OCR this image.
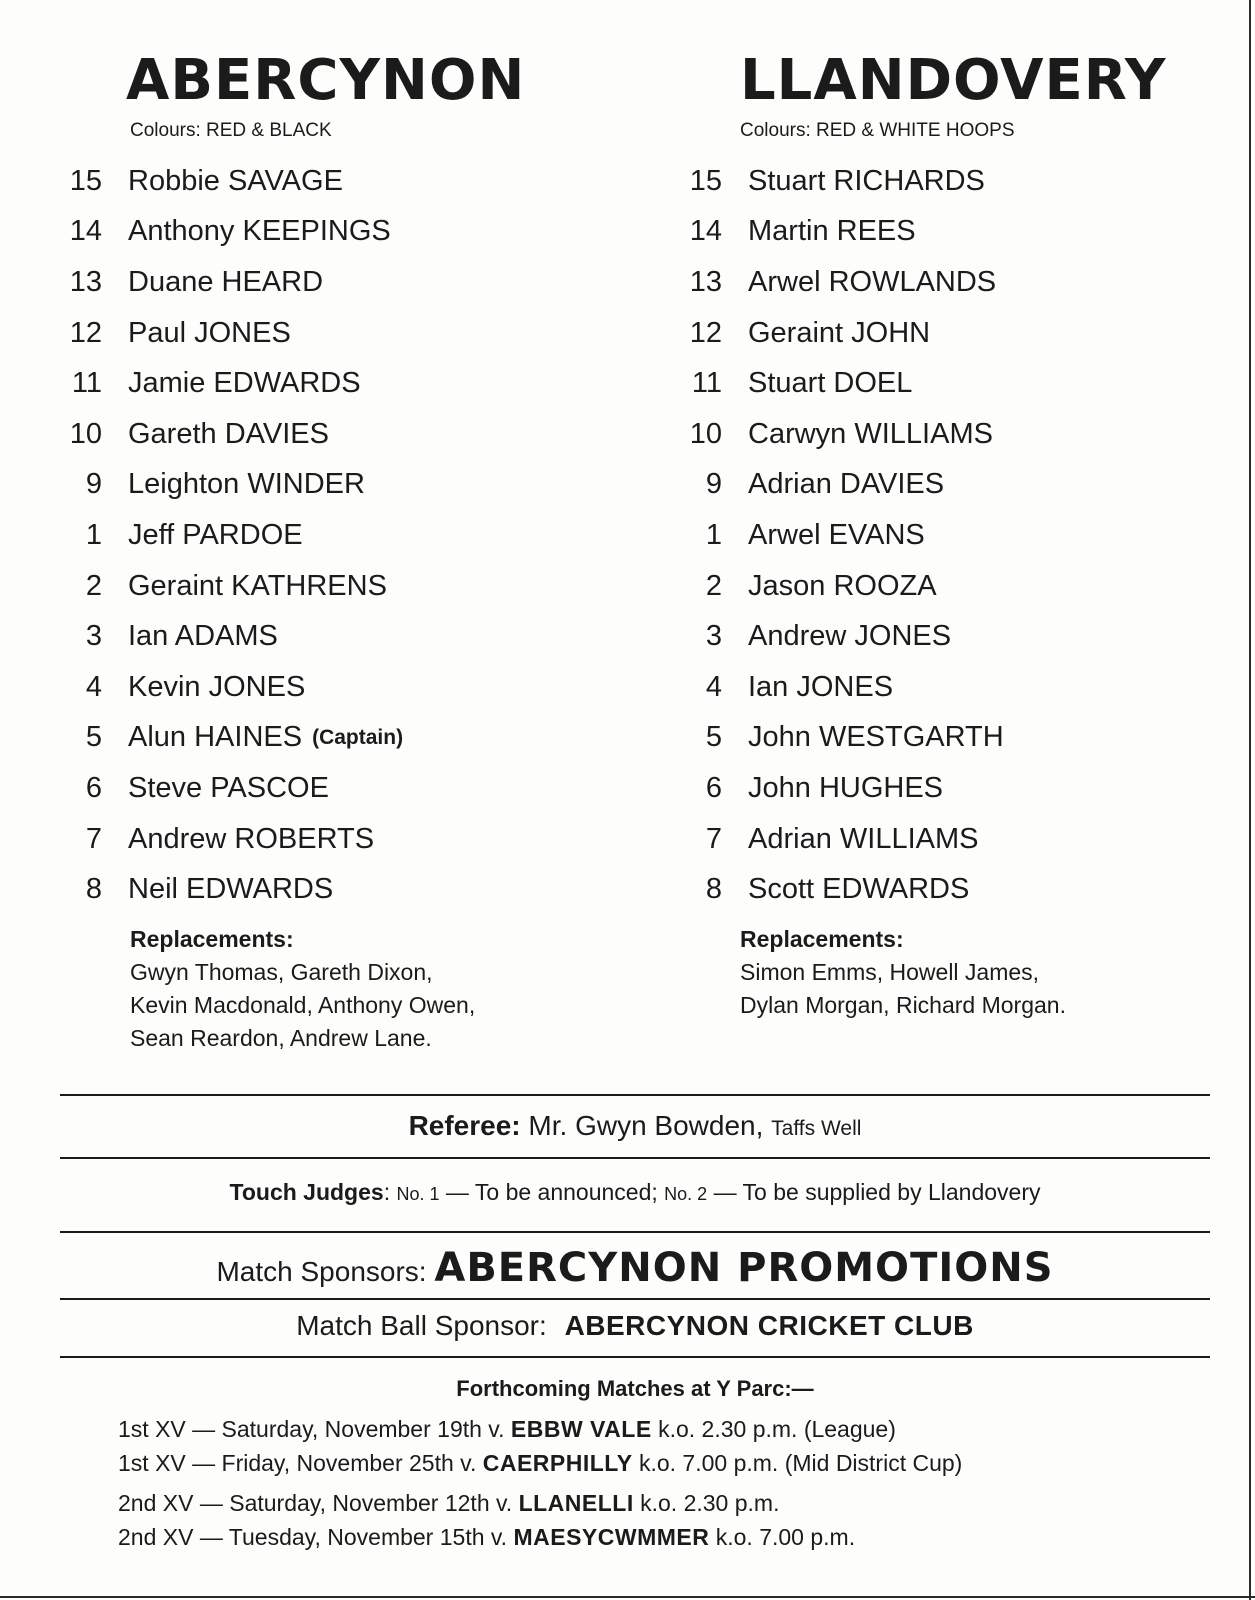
ABERCYNON
Colours: RED & BLACK
15 Robbie SAVAGE
14 Anthony KEEPINGS
13 Duane HEARD
12 Paul JONES
11 Jamie EDWARDS
10 Gareth DAVIES
9 Leighton WINDER
1 Jeff PARDOE
2 Geraint KATHRENS
3 Ian ADAMS
4 Kevin JONES
5 Alun HAINES (Captain)
6 Steve PASCOE
7 Andrew ROBERTS
8 Neil EDWARDS
Replacements:
Gwyn Thomas, Gareth Dixon,
Kevin Macdonald, Anthony Owen,
Sean Reardon, Andrew Lane.
LLANDOVERY
Colours: RED & WHITE HOOPS
15 Stuart RICHARDS
14 Martin REES
13 Arwel ROWLANDS
12 Geraint JOHN
11 Stuart DOEL
10 Carwyn WILLIAMS
9 Adrian DAVIES
1 Arwel EVANS
2 Jason ROOZA
3 Andrew JONES
4 Ian JONES
5 John WESTGARTH
6 John HUGHES
7 Adrian WILLIAMS
8 Scott EDWARDS
Replacements:
Simon Emms, Howell James,
Dylan Morgan, Richard Morgan.
Referee: Mr. Gwyn Bowden, Taffs Well
Touch Judges: No. 1 — To be announced; No. 2 — To be supplied by Llandovery
Match Sponsors: ABERCYNON PROMOTIONS
Match Ball Sponsor: ABERCYNON CRICKET CLUB
Forthcoming Matches at Y Parc:—
1st XV — Saturday, November 19th v. EBBW VALE k.o. 2.30 p.m. (League)
1st XV — Friday, November 25th v. CAERPHILLY k.o. 7.00 p.m. (Mid District Cup)
2nd XV — Saturday, November 12th v. LLANELLI k.o. 2.30 p.m.
2nd XV — Tuesday, November 15th v. MAESYCWMMER k.o. 7.00 p.m.
